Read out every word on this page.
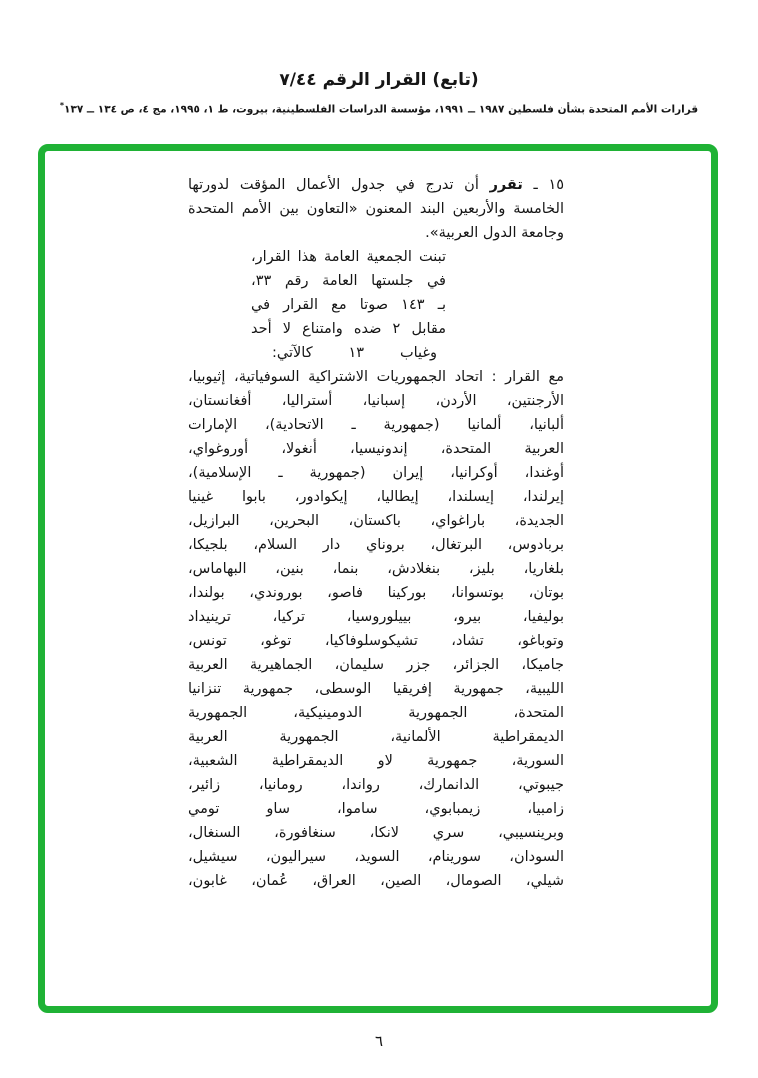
(تابع) القرار الرقم ٧/٤٤
قرارات الأمم المتحدة بشأن فلسطين ١٩٨٧ ــ ١٩٩١، مؤسسة الدراسات الفلسطينية، بيروت، ط ١، ١٩٩٥، مج ٤، ص ١٣٤ ــ ١٣٧*
١٥ ـ تقرر أن تدرج في جدول الأعمال المؤقت لدورتها
الخامسة والأربعين البند المعنون «التعاون بين الأمم المتحدة
وجامعة الدول العربية».
تبنت الجمعية العامة هذا القرار،
في جلستها العامة رقم ٣٣،
بـ ١٤٣ صوتا مع القرار في
مقابل ٢ ضده وامتناع لا أحد
وغياب ١٣ كالآتي:
مع القرار : اتحاد الجمهوريات الاشتراكية السوفياتية، إثيوبيا،
الأرجنتين، الأردن، إسبانيا، أستراليا، أفغانستان،
ألبانيا، ألمانيا (جمهورية ـ الاتحادية)، الإمارات
العربية المتحدة، إندونيسيا، أنغولا، أوروغواي،
أوغندا، أوكرانيا، إيران (جمهورية ـ الإسلامية)،
إيرلندا، إيسلندا، إيطاليا، إيكوادور، بابوا غينيا
الجديدة، باراغواي، باكستان، البحرين، البرازيل،
بربادوس، البرتغال، بروناي دار السلام، بلجيكا،
بلغاريا، بليز، بنغلادش، بنما، بنين، البهاماس،
بوتان، بوتسوانا، بوركينا فاصو، بوروندي، بولندا،
بوليفيا، بيرو، بييلوروسيا، تركيا، ترينيداد
وتوباغو، تشاد، تشيكوسلوفاكيا، توغو، تونس،
جاميكا، الجزائر، جزر سليمان، الجماهيرية العربية
الليبية، جمهورية إفريقيا الوسطى، جمهورية تنزانيا
المتحدة، الجمهورية الدومينيكية، الجمهورية
الديمقراطية الألمانية، الجمهورية العربية
السورية، جمهورية لاو الديمقراطية الشعبية،
جيبوتي، الدانمارك، رواندا، رومانيا، زائير،
زامبيا، زيمبابوي، ساموا، ساو تومي
وبرينسيبي، سري لانكا، سنغافورة، السنغال،
السودان، سورينام، السويد، سيراليون، سيشيل،
شيلي، الصومال، الصين، العراق، عُمان، غابون،
٦
